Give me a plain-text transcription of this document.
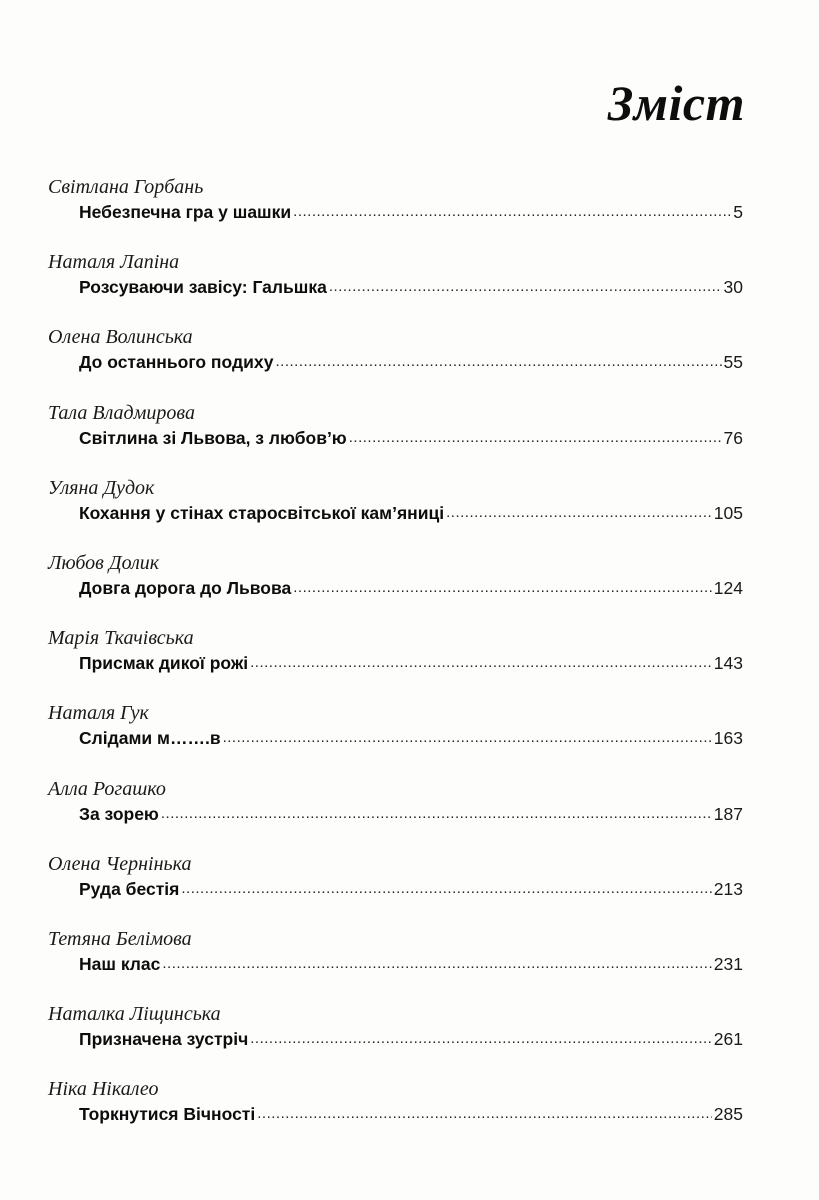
Зміст
Світлана Горбань
Небезпечна гра у шашки .....	5
Наталя Лапіна
Розсуваючи завісу: Гальшка .....	30
Олена Волинська
До останнього подиху .....	55
Тала Владмирова
Світлина зі Львова, з любов’ю .....	76
Уляна Дудок
Кохання у стінах старосвітської кам’яниці .....	105
Любов Долик
Довга дорога до Львова .....	124
Марія Ткачівська
Присмак дикої рожі .....	143
Наталя Гук
Слідами м…….в .....	163
Алла Рогашко
За зорею .....	187
Олена Чернінька
Руда бестія .....	213
Тетяна Белімова
Наш клас .....	231
Наталка Ліщинська
Призначена зустріч .....	261
Ніка Нікалео
Торкнутися Вічності .....	285
